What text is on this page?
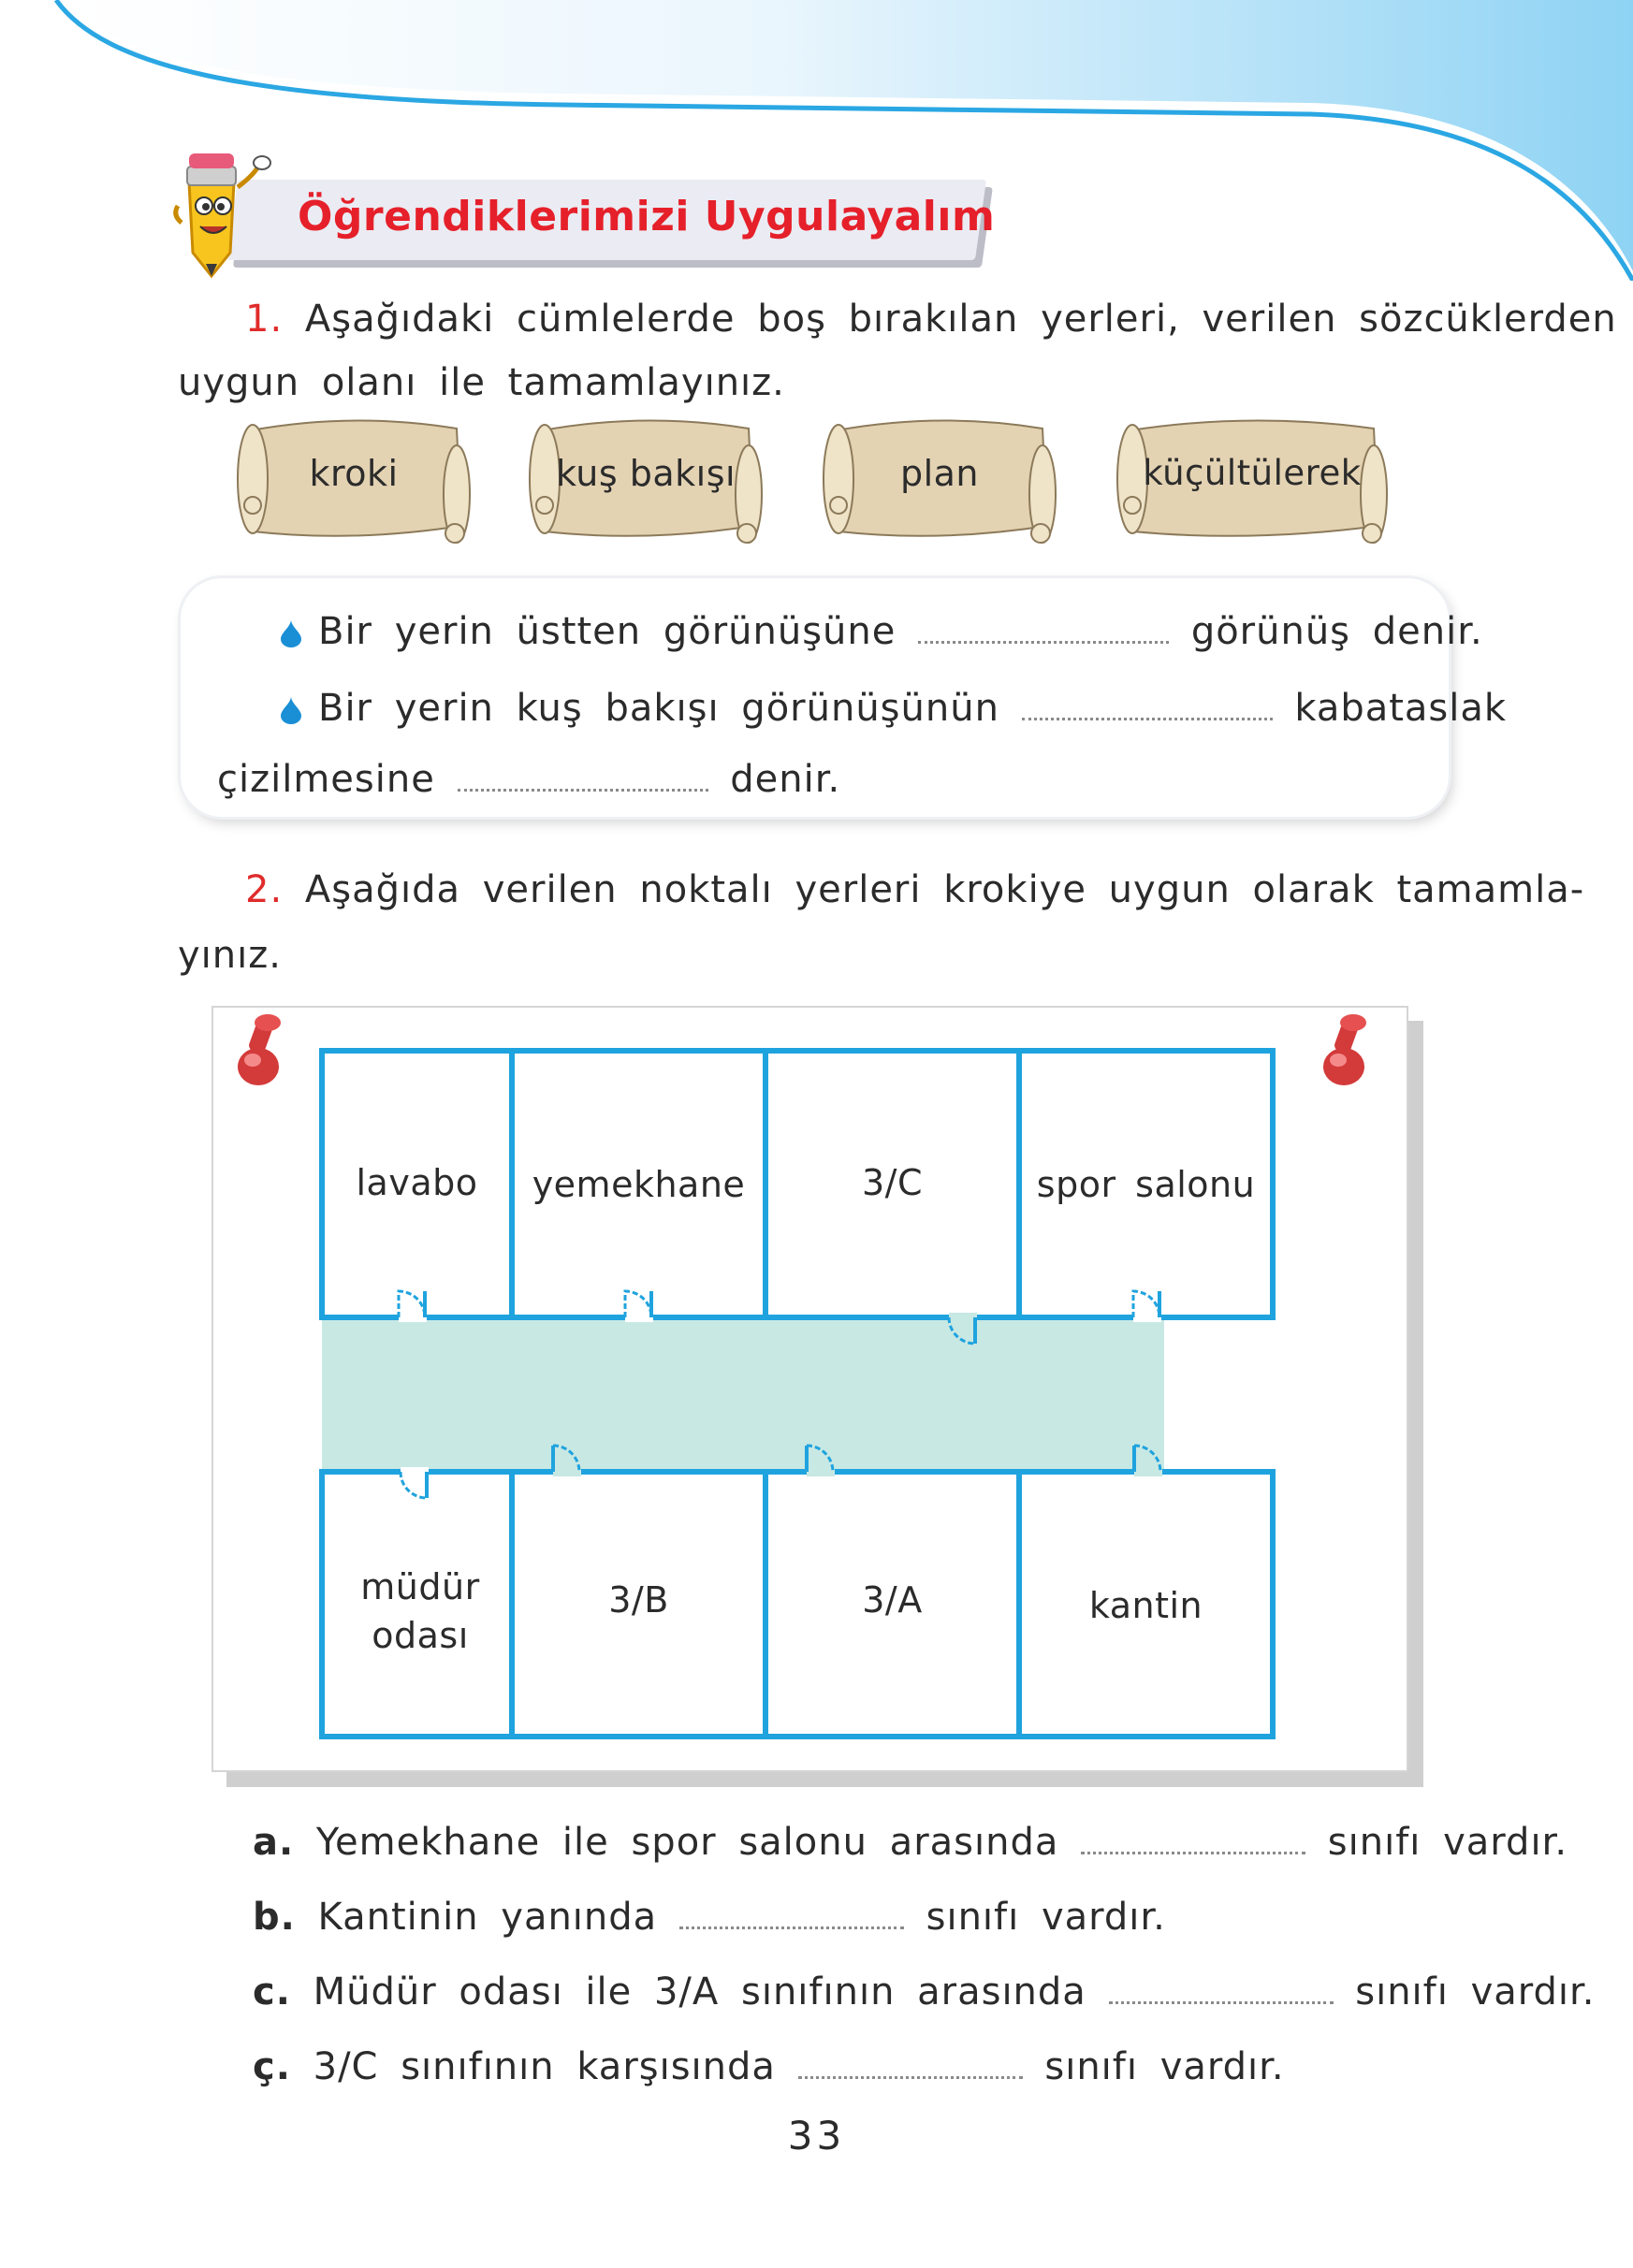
Öğrendiklerimizi Uygulayalım
1. Aşağıdaki cümlelerde boş bırakılan yerleri, verilen sözcüklerden
uygun olanı ile tamamlayınız.
kroki	kuş bakışı	plan	küçültülerek
Bir yerin üstten görünüşüne	görünüş denir.
Bir yerin kuş bakışı görünüşünün	kabataslak
çizilmesine	denir.
2. Aşağıda verilen noktalı yerleri krokiye uygun olarak tamamla-
yınız.
lavabo	yemekhane	3/C	spor salonu
müdür odası
3/B	3/A	kantin
a. Yemekhane ile spor salonu arasında	sınıfı vardır.
b. Kantinin yanında	sınıfı vardır.
c. Müdür odası ile 3/A sınıfının arasında	sınıfı vardır.
ç. 3/C sınıfının karşısında	sınıfı vardır.
33
